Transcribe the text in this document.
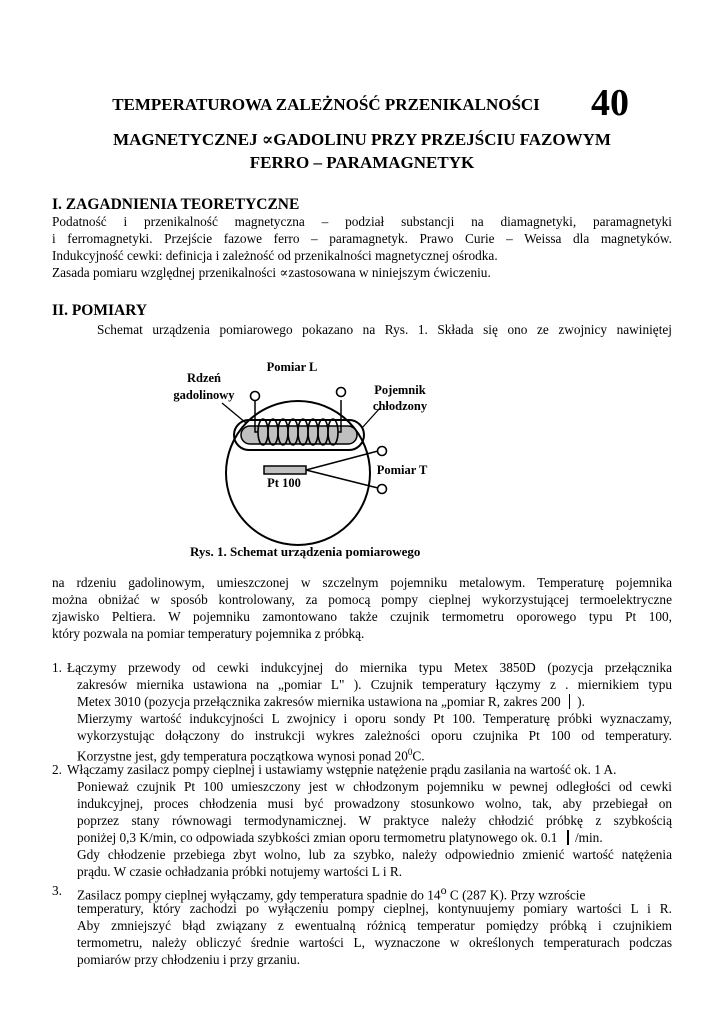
TEMPERATUROWA ZALEŻNOŚĆ PRZENIKALNOŚCI	40
MAGNETYCZNEJ ∝GADOLINU PRZY PRZEJŚCIU FAZOWYM
FERRO – PARAMAGNETYK
I. ZAGADNIENIA TEORETYCZNE
Podatność i przenikalność magnetyczna – podział substancji na diamagnetyki, paramagnetyki
i ferromagnetyki. Przejście fazowe ferro – paramagnetyk. Prawo Curie – Weissa dla magnetyków.
Indukcyjność cewki: definicja i zależność od przenikalności magnetycznej ośrodka.
Zasada pomiaru względnej przenikalności ∝zastosowana w niniejszym ćwiczeniu.
II. POMIARY
Schemat urządzenia pomiarowego pokazano na Rys. 1. Składa się ono ze zwojnicy nawiniętej
Rdzeń
gadolinowy
Pomiar L
Pojemnik
chłodzony
Pomiar T
Pt 100
Rys. 1. Schemat urządzenia pomiarowego
na rdzeniu gadolinowym, umieszczonej w szczelnym pojemniku metalowym. Temperaturę pojemnika
można obniżać w sposób kontrolowany, za pomocą pompy cieplnej wykorzystującej termoelektryczne
zjawisko Peltiera. W pojemniku zamontowano także czujnik termometru oporowego typu Pt 100,
który pozwala na pomiar temperatury pojemnika z próbką.
1. Łączymy przewody od cewki indukcyjnej do miernika typu Metex 3850D (pozycja przełącznika
zakresów miernika ustawiona na „pomiar L" ). Czujnik temperatury łączymy z . miernikiem typu
Metex 3010 (pozycja przełącznika zakresów miernika ustawiona na „pomiar R, zakres 200 ).
Mierzymy wartość indukcyjności L zwojnicy i oporu sondy Pt 100. Temperaturę próbki wyznaczamy,
wykorzystując dołączony do instrukcji wykres zależności oporu czujnika Pt 100 od temperatury.
Korzystne jest, gdy temperatura początkowa wynosi ponad $20^0C$.
2. Włączamy zasilacz pompy cieplnej i ustawiamy wstępnie natężenie prądu zasilania na wartość ok. 1 A.
Ponieważ czujnik Pt 100 umieszczony jest w chłodzonym pojemniku w pewnej odległości od cewki
indukcyjnej, proces chłodzenia musi być prowadzony stosunkowo wolno, tak, aby przebiegał on
poprzez stany równowagi termodynamicznej. W praktyce należy chłodzić próbkę z szybkością
poniżej 0,3 K/min, co odpowiada szybkości zmian oporu termometru platynowego ok. 0.1 /min.
Gdy chłodzenie przebiega zbyt wolno, lub za szybko, należy odpowiednio zmienić wartość natężenia
prądu. W czasie ochładzania próbki notujemy wartości L i R.
3. Zasilacz pompy cieplnej wyłączamy, gdy temperatura spadnie do 14$^o$ C (287 K). Przy wzroście
temperatury, który zachodzi po wyłączeniu pompy cieplnej, kontynuujemy pomiary wartości L i R.
Aby zmniejszyć błąd związany z ewentualną różnicą temperatur pomiędzy próbką i czujnikiem
termometru, należy obliczyć średnie wartości L, wyznaczone w określonych temperaturach podczas
pomiarów przy chłodzeniu i przy grzaniu.
